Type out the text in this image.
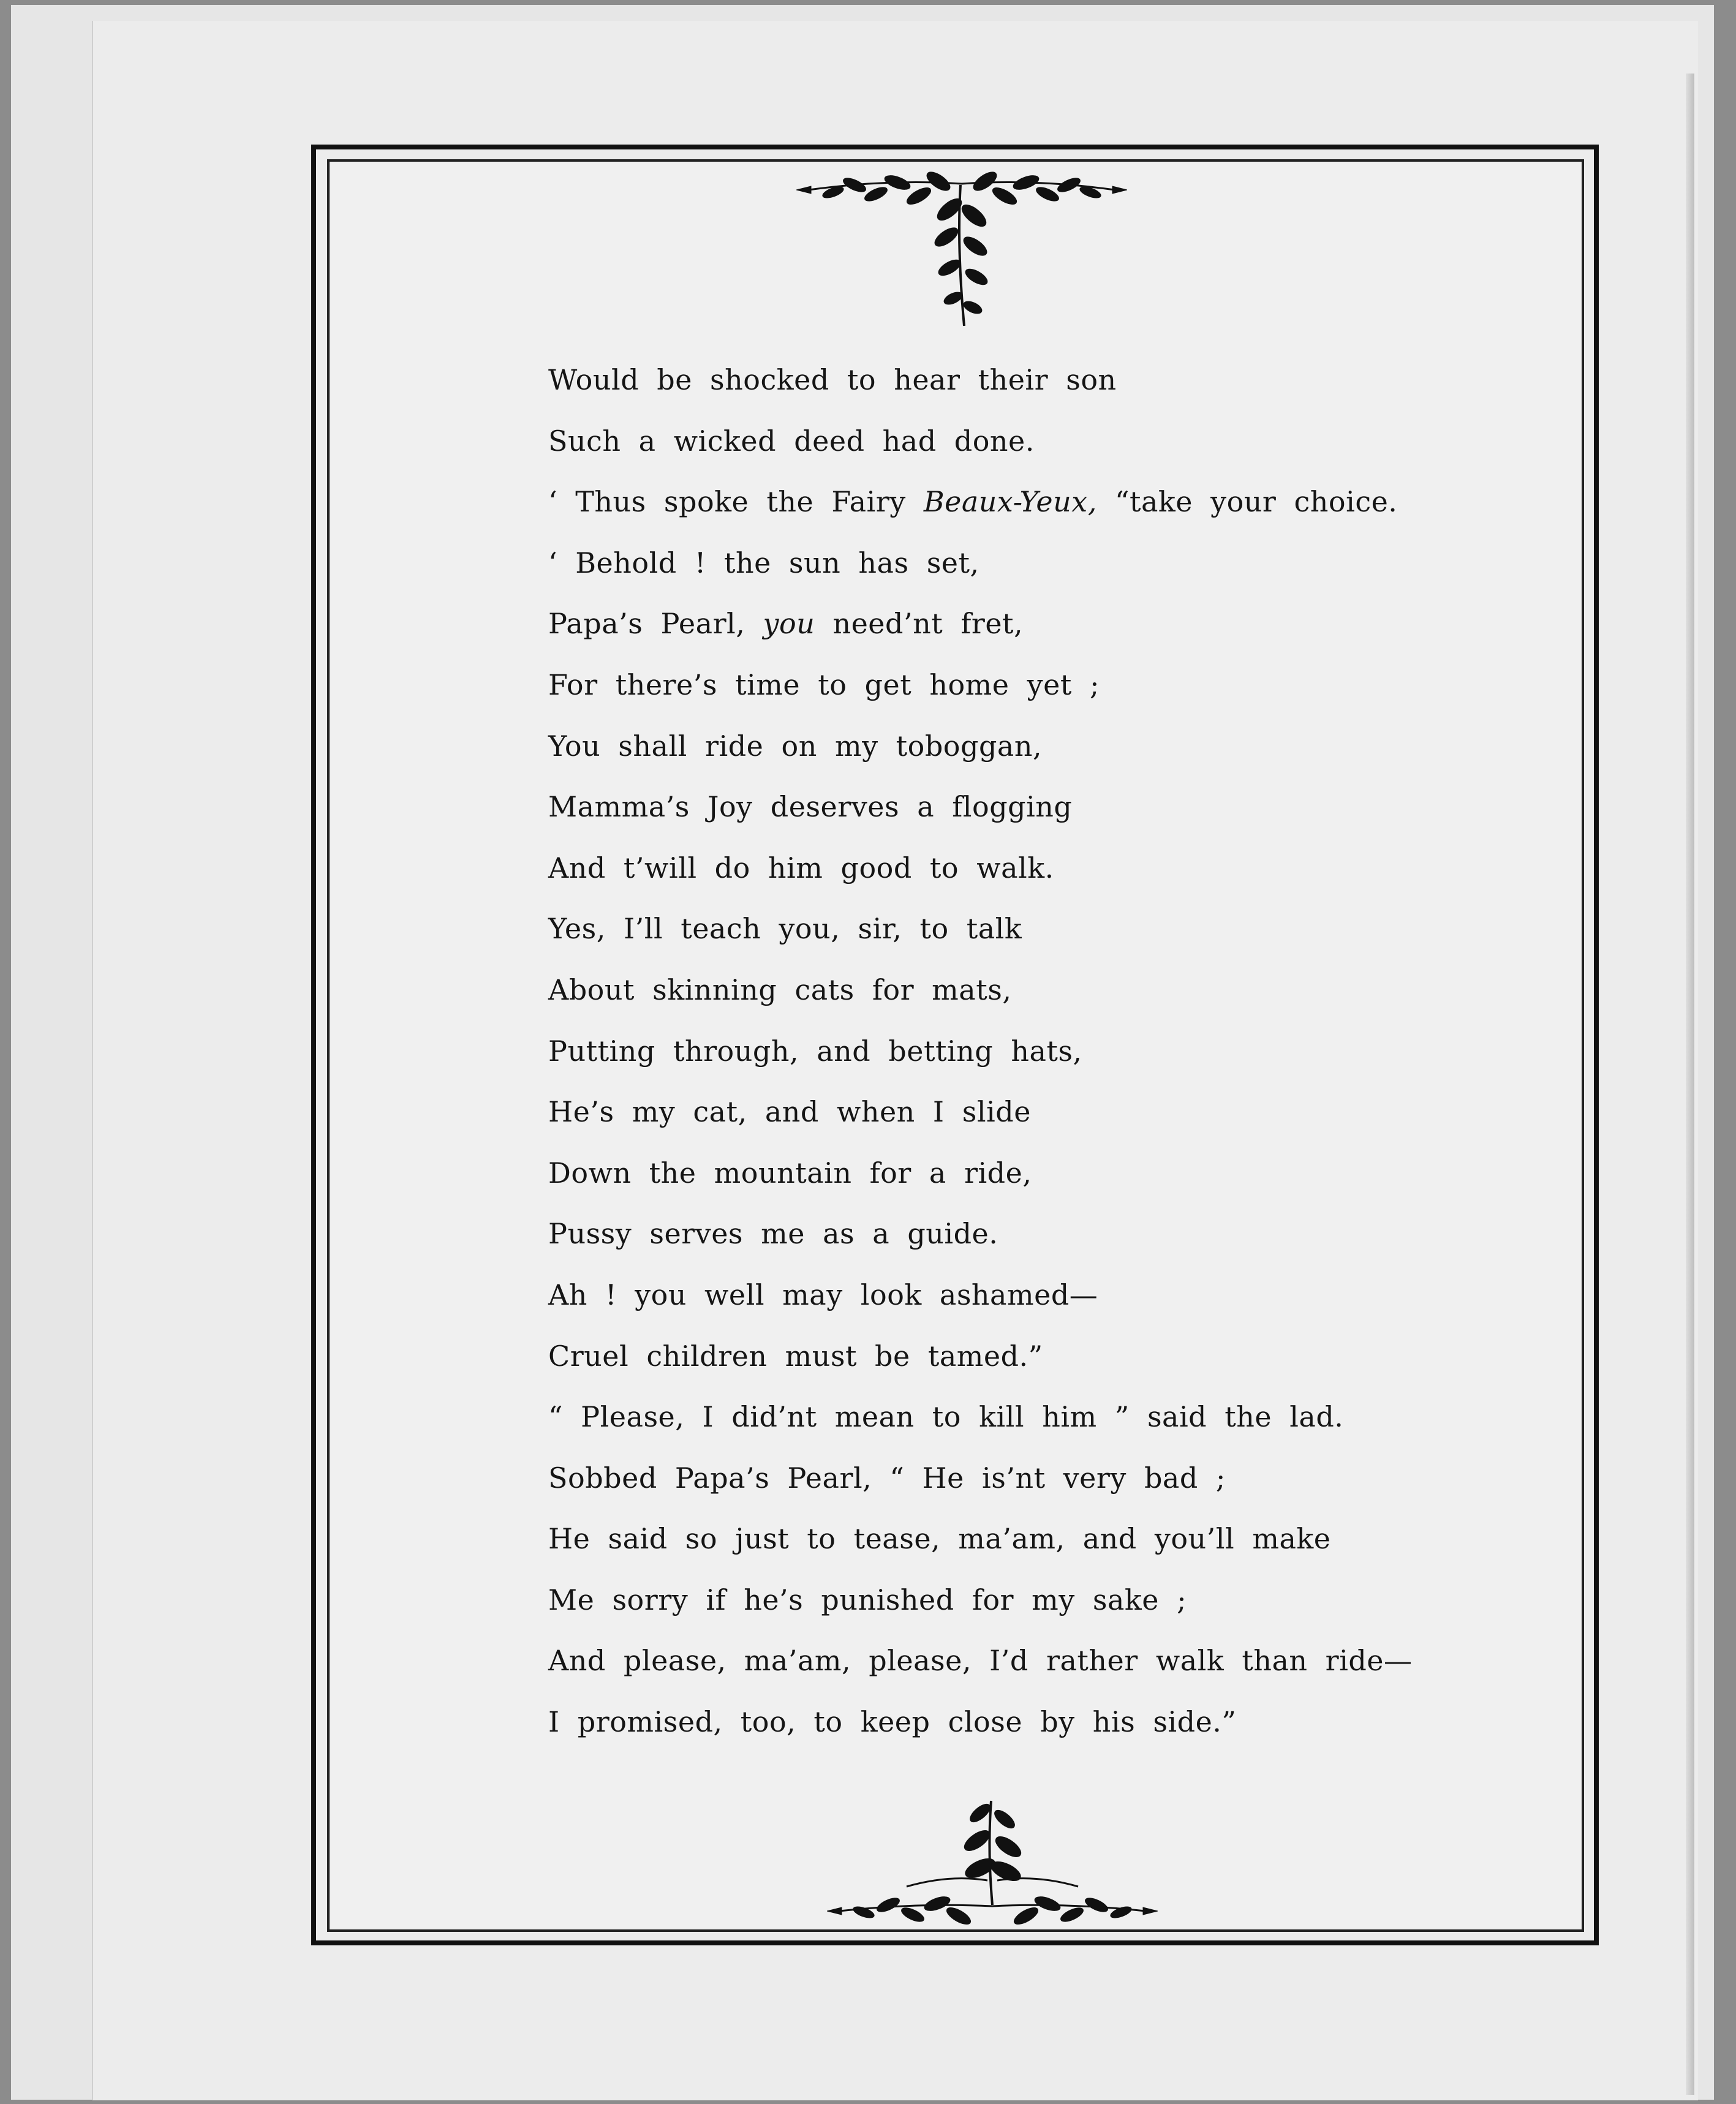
Would be shocked to hear their son
Such a wicked deed had done.
‘ Thus spoke the Fairy Beaux-Yeux, “take your choice.
‘ Behold ! the sun has set,
Papa’s Pearl, you need’nt fret,
For there’s time to get home yet ;
You shall ride on my toboggan,
Mamma’s Joy deserves a flogging
And t’will do him good to walk.
Yes, I’ll teach you, sir, to talk
About skinning cats for mats,
Putting through, and betting hats,
He’s my cat, and when I slide
Down the mountain for a ride,
Pussy serves me as a guide.
Ah ! you well may look ashamed—
Cruel children must be tamed.”
“ Please, I did’nt mean to kill him ” said the lad.
Sobbed Papa’s Pearl, “ He is’nt very bad ;
He said so just to tease, ma’am, and you’ll make
Me sorry if he’s punished for my sake ;
And please, ma’am, please, I’d rather walk than ride—
I promised, too, to keep close by his side.”
